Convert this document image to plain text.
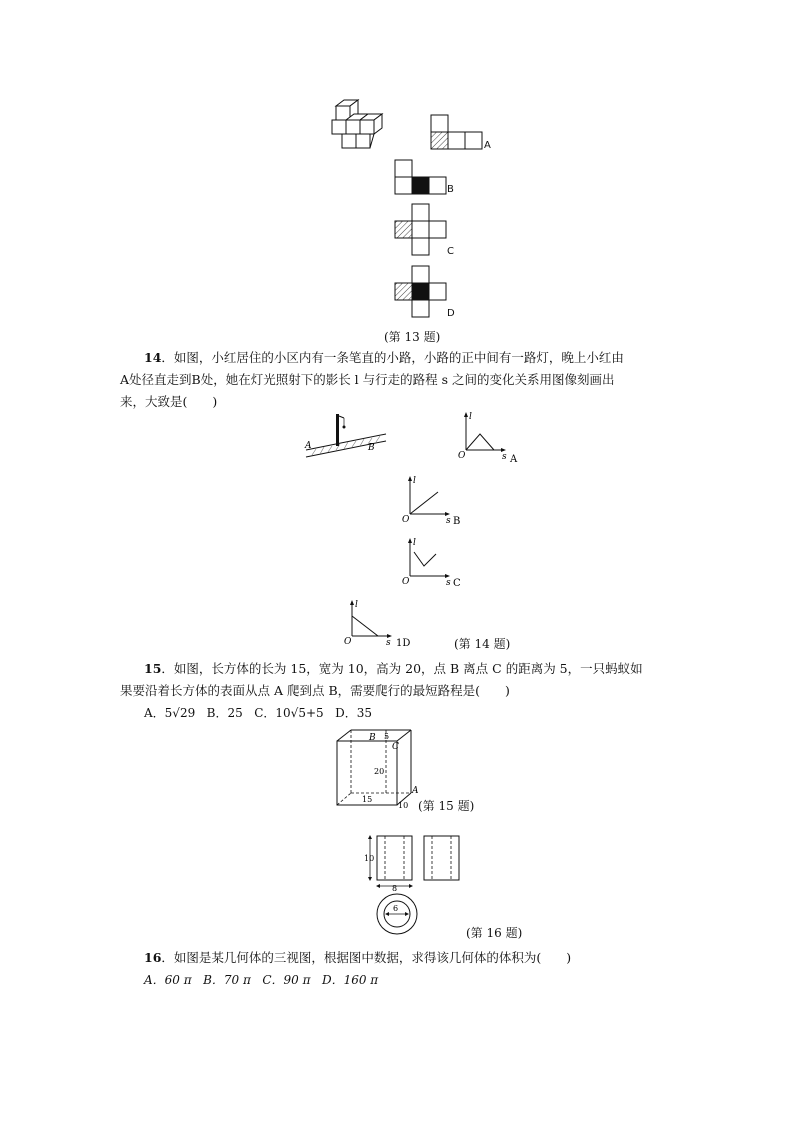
A
B
C
D
(第 13 题)
14．如图，小红居住的小区内有一条笔直的小路，小路的正中间有一路灯，晚上小红由
A处径直走到B处，她在灯光照射下的影长 l 与行走的路程 s 之间的变化关系用图像刻画出
来，大致是(　　)
A	B
l
O	s A
l
O	s B
l
O	s C
l
O	s 1D	(第 14 题)
15．如图，长方体的长为 15，宽为 10，高为 20，点 B 离点 C 的距离为 5，一只蚂蚁如
果要沿着长方体的表面从点 A 爬到点 B，需要爬行的最短路程是(　　)
A．5√29 B．25 C．10√5+5 D．35
B 5
C
20
15
A
10 (第 15 题)
10
8
6
(第 16 题)
16．如图是某几何体的三视图，根据图中数据，求得该几何体的体积为(　　)
A．60 π B．70 π C．90 π D．160 π
